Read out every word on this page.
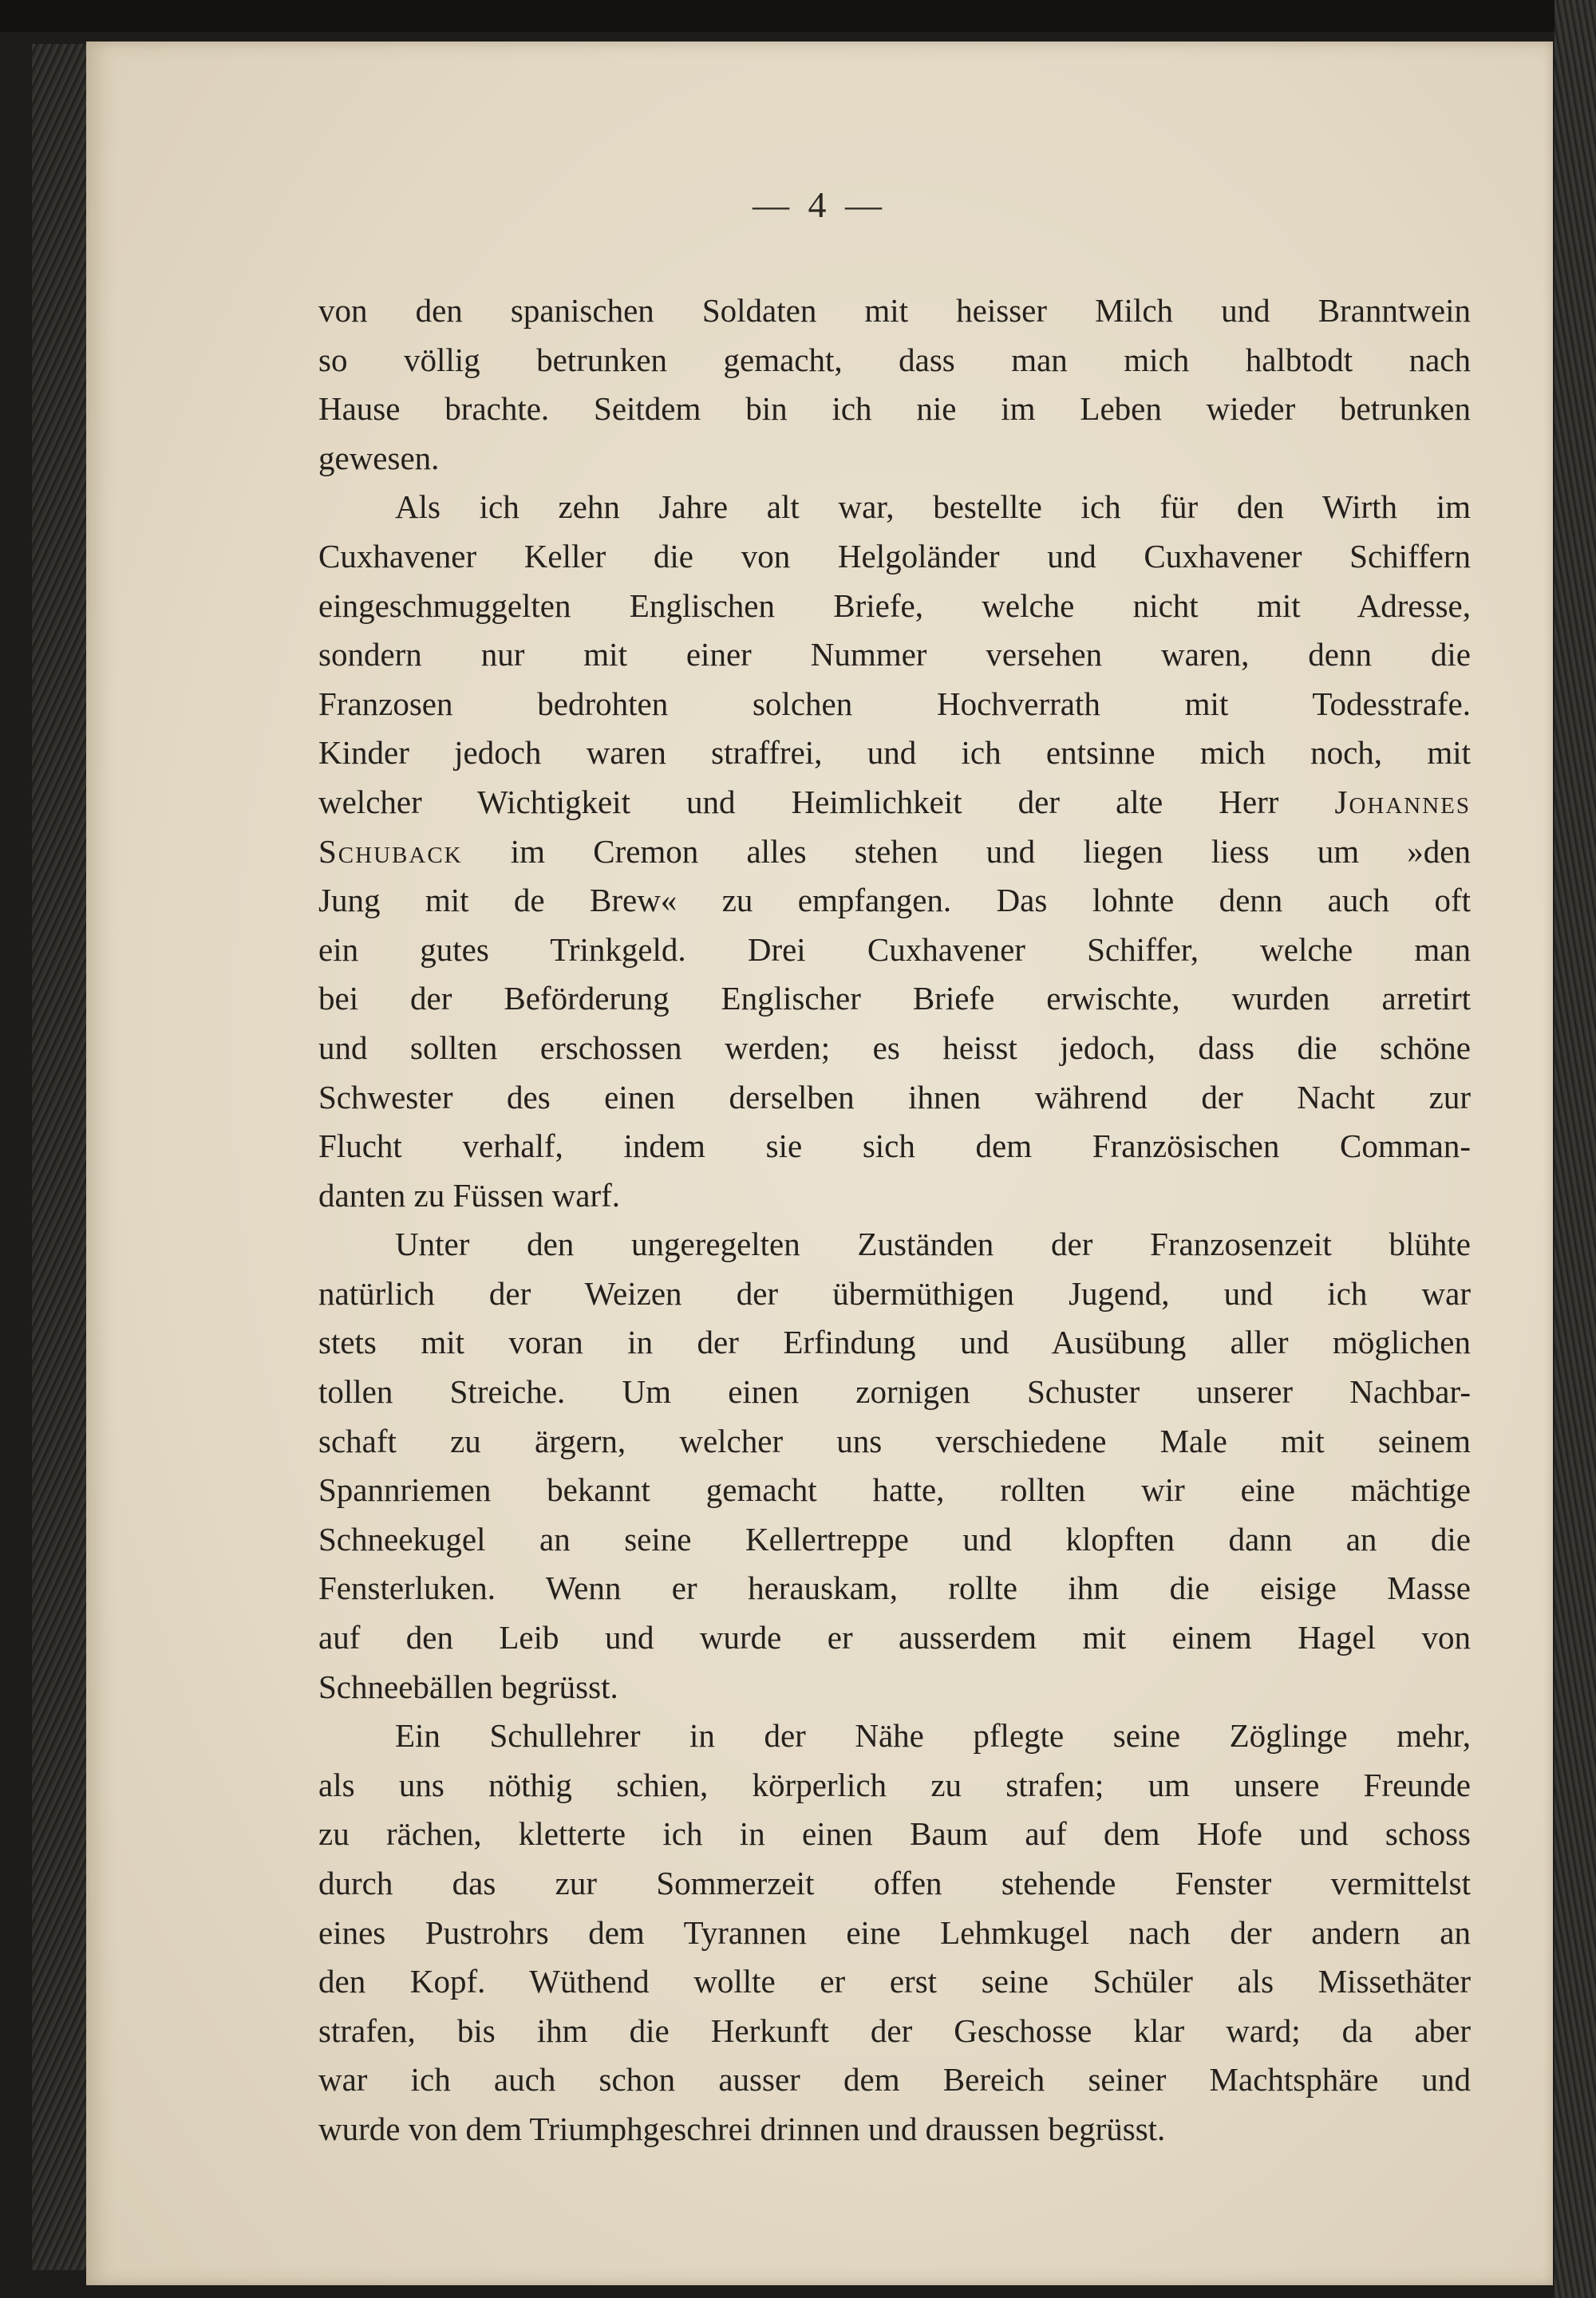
— 4 —

von den spanischen Soldaten mit heisser Milch und Branntwein
so völlig betrunken gemacht, dass man mich halbtodt nach
Hause brachte. Seitdem bin ich nie im Leben wieder betrunken
gewesen.

Als ich zehn Jahre alt war, bestellte ich für den Wirth im
Cuxhavener Keller die von Helgoländer und Cuxhavener Schiffern
eingeschmuggelten Englischen Briefe, welche nicht mit Adresse,
sondern nur mit einer Nummer versehen waren, denn die
Franzosen bedrohten solchen Hochverrath mit Todesstrafe.
Kinder jedoch waren straffrei, und ich entsinne mich noch, mit
welcher Wichtigkeit und Heimlichkeit der alte Herr Johannes
Schuback im Cremon alles stehen und liegen liess um »den
Jung mit de Brew« zu empfangen. Das lohnte denn auch oft
ein gutes Trinkgeld. Drei Cuxhavener Schiffer, welche man
bei der Beförderung Englischer Briefe erwischte, wurden arretirt
und sollten erschossen werden; es heisst jedoch, dass die schöne
Schwester des einen derselben ihnen während der Nacht zur
Flucht verhalf, indem sie sich dem Französischen Comman-
danten zu Füssen warf.

Unter den ungeregelten Zuständen der Franzosenzeit blühte
natürlich der Weizen der übermüthigen Jugend, und ich war
stets mit voran in der Erfindung und Ausübung aller möglichen
tollen Streiche. Um einen zornigen Schuster unserer Nachbar-
schaft zu ärgern, welcher uns verschiedene Male mit seinem
Spannriemen bekannt gemacht hatte, rollten wir eine mächtige
Schneekugel an seine Kellertreppe und klopften dann an die
Fensterluken. Wenn er herauskam, rollte ihm die eisige Masse
auf den Leib und wurde er ausserdem mit einem Hagel von
Schneebällen begrüsst.

Ein Schullehrer in der Nähe pflegte seine Zöglinge mehr,
als uns nöthig schien, körperlich zu strafen; um unsere Freunde
zu rächen, kletterte ich in einen Baum auf dem Hofe und schoss
durch das zur Sommerzeit offen stehende Fenster vermittelst
eines Pustrohrs dem Tyrannen eine Lehmkugel nach der andern an
den Kopf. Wüthend wollte er erst seine Schüler als Missethäter
strafen, bis ihm die Herkunft der Geschosse klar ward; da aber
war ich auch schon ausser dem Bereich seiner Machtsphäre und
wurde von dem Triumphgeschrei drinnen und draussen begrüsst.
